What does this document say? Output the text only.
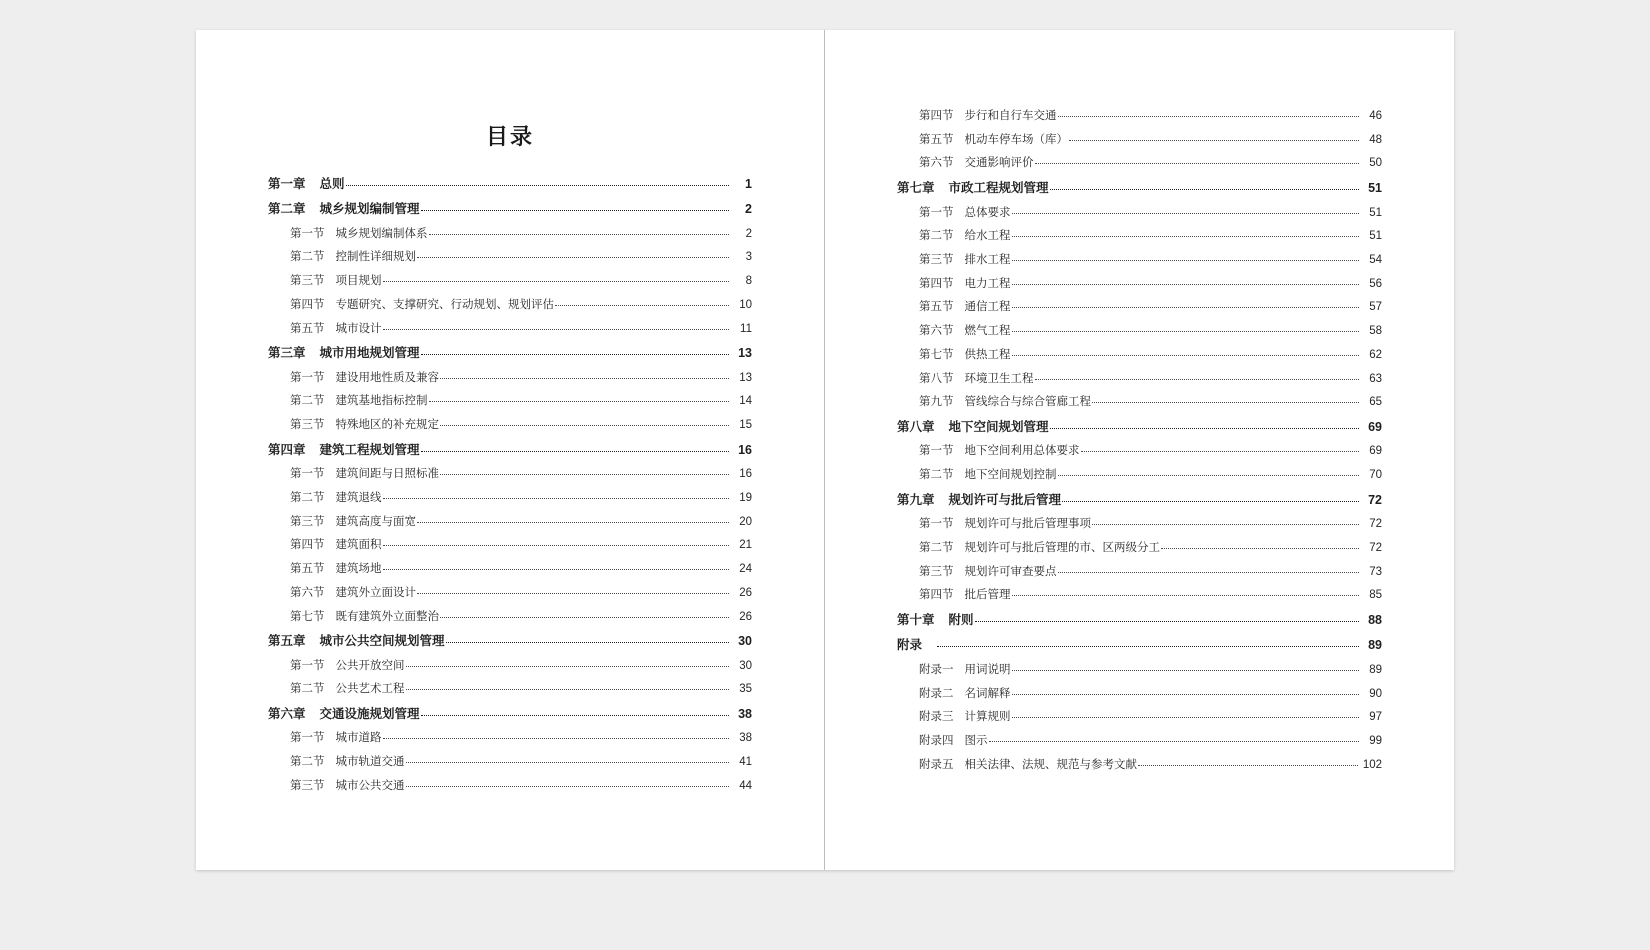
目录
第一章	总则	1
第二章	城乡规划编制管理	2
第一节 城乡规划编制体系	2
第二节 控制性详细规划	3
第三节 项目规划	8
第四节 专题研究、支撑研究、行动规划、规划评估	10
第五节 城市设计	11
第三章	城市用地规划管理	13
第一节 建设用地性质及兼容	13
第二节 建筑基地指标控制	14
第三节 特殊地区的补充规定	15
第四章	建筑工程规划管理	16
第一节 建筑间距与日照标准	16
第二节 建筑退线	19
第三节 建筑高度与面宽	20
第四节 建筑面积	21
第五节 建筑场地	24
第六节 建筑外立面设计	26
第七节 既有建筑外立面整治	26
第五章	城市公共空间规划管理	30
第一节 公共开放空间	30
第二节 公共艺术工程	35
第六章	交通设施规划管理	38
第一节 城市道路	38
第二节 城市轨道交通	41
第三节 城市公共交通	44
第四节 步行和自行车交通	46
第五节 机动车停车场（库）	48
第六节 交通影响评价	50
第七章	市政工程规划管理	51
第一节 总体要求	51
第二节 给水工程	51
第三节 排水工程	54
第四节 电力工程	56
第五节 通信工程	57
第六节 燃气工程	58
第七节 供热工程	62
第八节 环境卫生工程	63
第九节 管线综合与综合管廊工程	65
第八章	地下空间规划管理	69
第一节 地下空间利用总体要求	69
第二节 地下空间规划控制	70
第九章	规划许可与批后管理	72
第一节 规划许可与批后管理事项	72
第二节 规划许可与批后管理的市、区两级分工	72
第三节 规划许可审查要点	73
第四节 批后管理	85
第十章	附则	88
附录	89
附录一 用词说明	89
附录二 名词解释	90
附录三 计算规则	97
附录四 图示	99
附录五 相关法律、法规、规范与参考文献	102
